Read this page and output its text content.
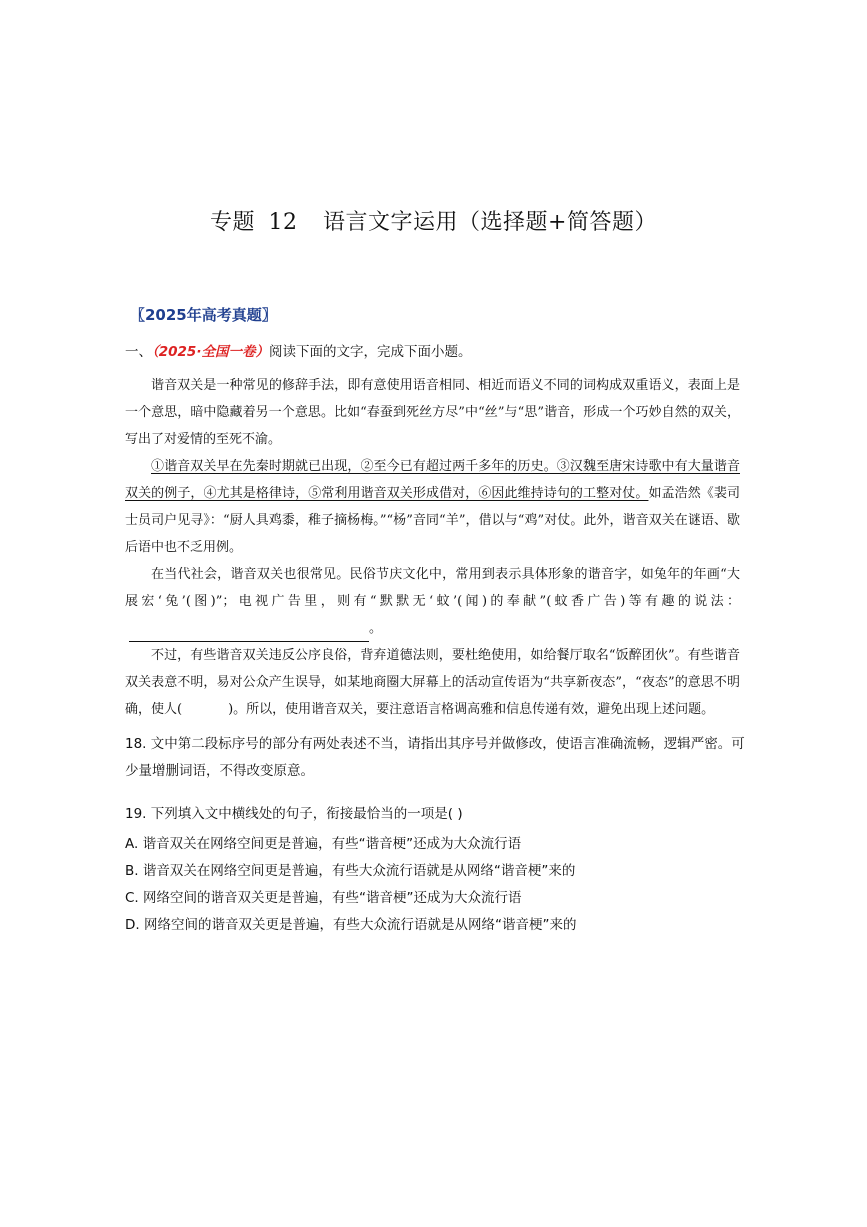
专题 12 语言文字运用（选择题+简答题）
〖2025年高考真题〗
一、（2025·全国一卷）阅读下面的文字，完成下面小题。

谐音双关是一种常见的修辞手法，即有意使用语音相同、相近而语义不同的词构成双重语义，表面上是一个意思，暗中隐藏着另一个意思。比如“春蚕到死丝方尽”中“丝”与“思”谐音，形成一个巧妙自然的双关，写出了对爱情的至死不渝。

①谐音双关早在先秦时期就已出现，②至今已有超过两千多年的历史。③汉魏至唐宋诗歌中有大量谐音双关的例子，④尤其是格律诗，⑤常利用谐音双关形成借对，⑥因此维持诗句的工整对仗。如孟浩然《裴司士员司户见寻》：“厨人具鸡黍，稚子摘杨梅。”“杨”音同“羊”，借以与“鸡”对仗。此外，谐音双关在谜语、歇后语中也不乏用例。

在当代社会，谐音双关也很常见。民俗节庆文化中，常用到表示具体形象的谐音字，如兔年的年画“大展宏‘兔’(图)”；电视广告里，则有“默默无‘蚊’(闻)的奉献”(蚊香广告)等有趣的说法：。

不过，有些谐音双关违反公序良俗，背弃道德法则，要杜绝使用，如给餐厅取名“饭醉团伙”。有些谐音双关表意不明，易对公众产生误导，如某地商圈大屏幕上的活动宣传语为“共享新夜态”，“夜态”的意思不明确，使人(	)。所以，使用谐音双关，要注意语言格调高雅和信息传递有效，避免出现上述问题。

18. 文中第二段标序号的部分有两处表述不当，请指出其序号并做修改，使语言准确流畅，逻辑严密。可少量增删词语，不得改变原意。
19. 下列填入文中横线处的句子，衔接最恰当的一项是( )
A. 谐音双关在网络空间更是普遍，有些“谐音梗”还成为大众流行语
B. 谐音双关在网络空间更是普遍，有些大众流行语就是从网络“谐音梗”来的
C. 网络空间的谐音双关更是普遍，有些“谐音梗”还成为大众流行语
D. 网络空间的谐音双关更是普遍，有些大众流行语就是从网络“谐音梗”来的
